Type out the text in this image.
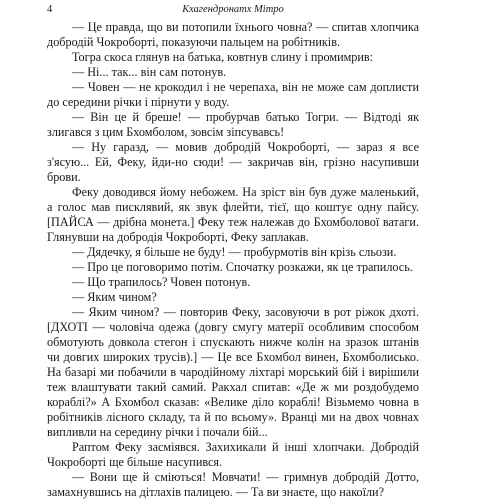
4	Кхагендронатх Мітро

— Це правда, що ви потопили їхнього човна? — спитав хлопчика добродій Чокроборті, показуючи пальцем на робітників.

Тогра скоса глянув на батька, ковтнув слину і промимрив:

— Ні... так... він сам потонув.

— Човен — не крокодил і не черепаха, він не може сам доплисти до середини річки і пірнути у воду.

— Він це й бреше! — пробурчав батько Тогри. — Відтоді як злигався з цим Бхомболом, зовсім зіпсувавсь!

— Ну гаразд, — мовив добродій Чокроборті, — зараз я все з'ясую... Ей, Феку, йди-но сюди! — закричав він, грізно насупивши брови.

Феку доводився йому небожем. На зріст він був дуже маленький, а голос мав писклявий, як звук флейти, тієї, що коштує одну пайсу. [ПАЙСА — дрібна монета.] Феку теж належав до Бхомболової ватаги. Глянувши на добродія Чокроборті, Феку заплакав.

— Дядечку, я більше не буду! — пробурмотів він крізь сльози.

— Про це поговоримо потім. Спочатку розкажи, як це трапилось.

— Що трапилось? Човен потонув.

— Яким чином?

— Яким чином? — повторив Феку, засовуючи в рот ріжок дхоті. [ДХОТІ — чоловіча одежа (довгу смугу матерії особливим способом обмотують довкола стегон і спускають нижче колін на зразок штанів чи довгих широких трусів).] — Це все Бхомбол винен, Бхомболисько. На базарі ми побачили в чародійному ліхтарі морський бій і вирішили теж влаштувати такий самий. Ракхал спитав: «Де ж ми роздобудемо кораблі?» А Бхомбол сказав: «Велике діло кораблі! Візьмемо човна в робітників лісного складу, та й по всьому». Вранці ми на двох човнах випливли на середину річки і почали бій...

Раптом Феку засміявся. Захихикали й інші хлопчаки. Добродій Чокроборті ще більше насупився.

— Вони ще й сміються! Мовчати! — гримнув добродій Дотто, замахнувшись на дітлахів палицею. — Та ви знаєте, що накоїли?
